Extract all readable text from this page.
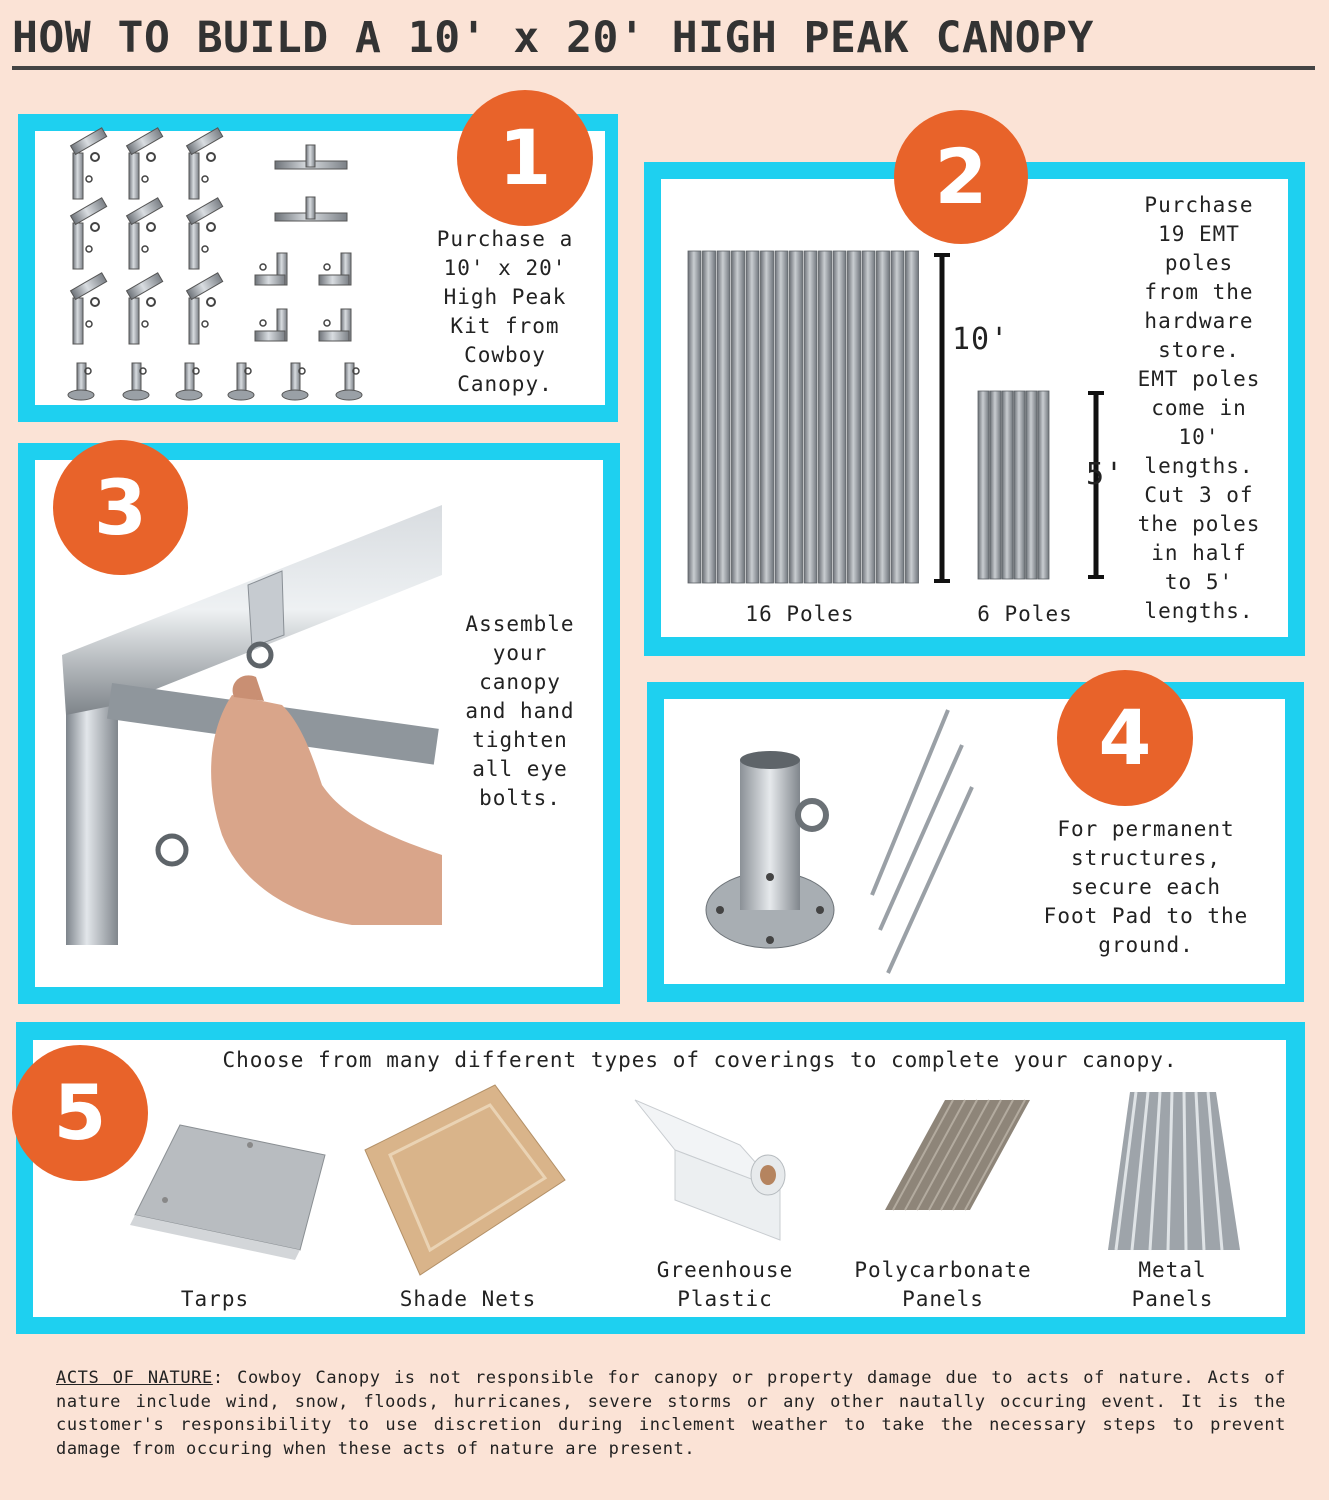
HOW TO BUILD A 10' x 20' HIGH PEAK CANOPY
1
Purchase a
10' x 20'
High Peak
Kit from
Cowboy
Canopy.
10'
5'
16 Poles	6 Poles
2	Purchase
19 EMT
poles
from the
hardware
store.
EMT poles
come in
10'
lengths.
Cut 3 of
the poles
in half
to 5'
lengths.
3
Assemble
your
canopy
and hand
tighten
all eye
bolts.
4
For permanent
structures,
secure each
Foot Pad to the
ground.
Choose from many different types of coverings to complete your canopy.
Tarps	Shade Nets
Greenhouse
Plastic
Polycarbonate
Panels
Metal
Panels
5
ACTS OF NATURE: Cowboy Canopy is not responsible for canopy or property damage due to acts of nature. Acts of nature include wind, snow, floods, hurricanes, severe storms or any other nautally occuring event. It is the customer's responsibility to use discretion during inclement weather to take the necessary steps to prevent damage from occuring when these acts of nature are present.
